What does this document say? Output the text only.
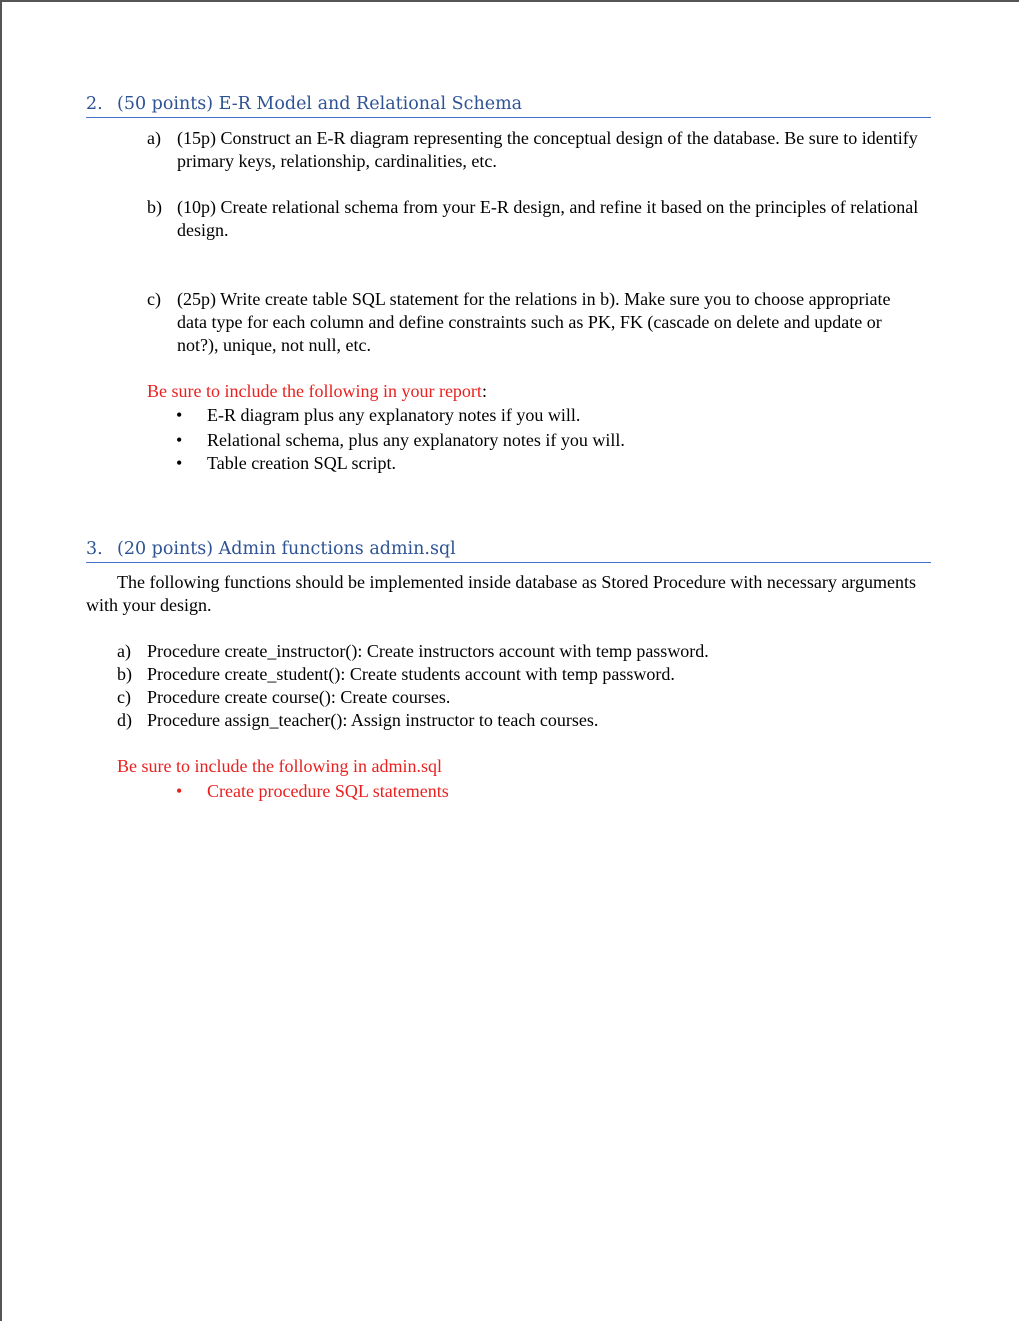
2. (50 points) E-R Model and Relational Schema
a) (15p) Construct an E-R diagram representing the conceptual design of the database. Be sure to identify primary keys, relationship, cardinalities, etc.
b) (10p) Create relational schema from your E-R design, and refine it based on the principles of relational design.
c) (25p) Write create table SQL statement for the relations in b). Make sure you to choose appropriate data type for each column and define constraints such as PK, FK (cascade on delete and update or not?), unique, not null, etc.
Be sure to include the following in your report:
• E-R diagram plus any explanatory notes if you will.
• Relational schema, plus any explanatory notes if you will.
• Table creation SQL script.
3. (20 points) Admin functions admin.sql
The following functions should be implemented inside database as Stored Procedure with necessary arguments with your design.
a) Procedure create_instructor(): Create instructors account with temp password.
b) Procedure create_student(): Create students account with temp password.
c) Procedure create course(): Create courses.
d) Procedure assign_teacher(): Assign instructor to teach courses.
Be sure to include the following in admin.sql
• Create procedure SQL statements
